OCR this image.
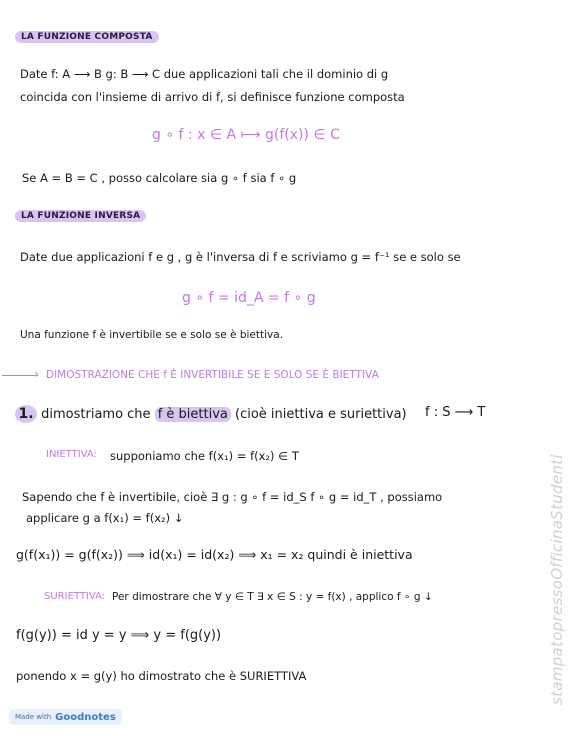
LA FUNZIONE COMPOSTA
Date f: A ⟶ B g: B ⟶ C due applicazioni tali che il dominio di g
coincida con l'insieme di arrivo di f, si definisce funzione composta
g ∘ f : x ∈ A ⟼ g(f(x)) ∈ C
Se A = B = C , posso calcolare sia g ∘ f sia f ∘ g
LA FUNZIONE INVERSA
Date due applicazioni f e g , g è l'inversa di f e scriviamo g = f⁻¹ se e solo se
g ∘ f = id_A = f ∘ g
Una funzione f è invertibile se e solo se è biettiva.
› DIMOSTRAZIONE CHE f È INVERTIBILE SE E SOLO SE È BIETTIVA
1. dimostriamo che f è biettiva (cioè iniettiva e suriettiva) f : S ⟶ T
INIETTIVA: supponiamo che f(x₁) = f(x₂) ∈ T
Sapendo che f è invertibile, cioè ∃ g : g ∘ f = id_S f ∘ g = id_T , possiamo
applicare g a f(x₁) = f(x₂) ↓
g(f(x₁)) = g(f(x₂)) ⟹ id(x₁) = id(x₂) ⟹ x₁ = x₂ quindi è iniettiva
SURIETTIVA: Per dimostrare che ∀ y ∈ T ∃ x ∈ S : y = f(x) , applico f ∘ g ↓
f(g(y)) = id y = y ⟹ y = f(g(y))
ponendo x = g(y) ho dimostrato che è SURIETTIVA	stampatopressoOfficinaStudenti
Made with Goodnotes
